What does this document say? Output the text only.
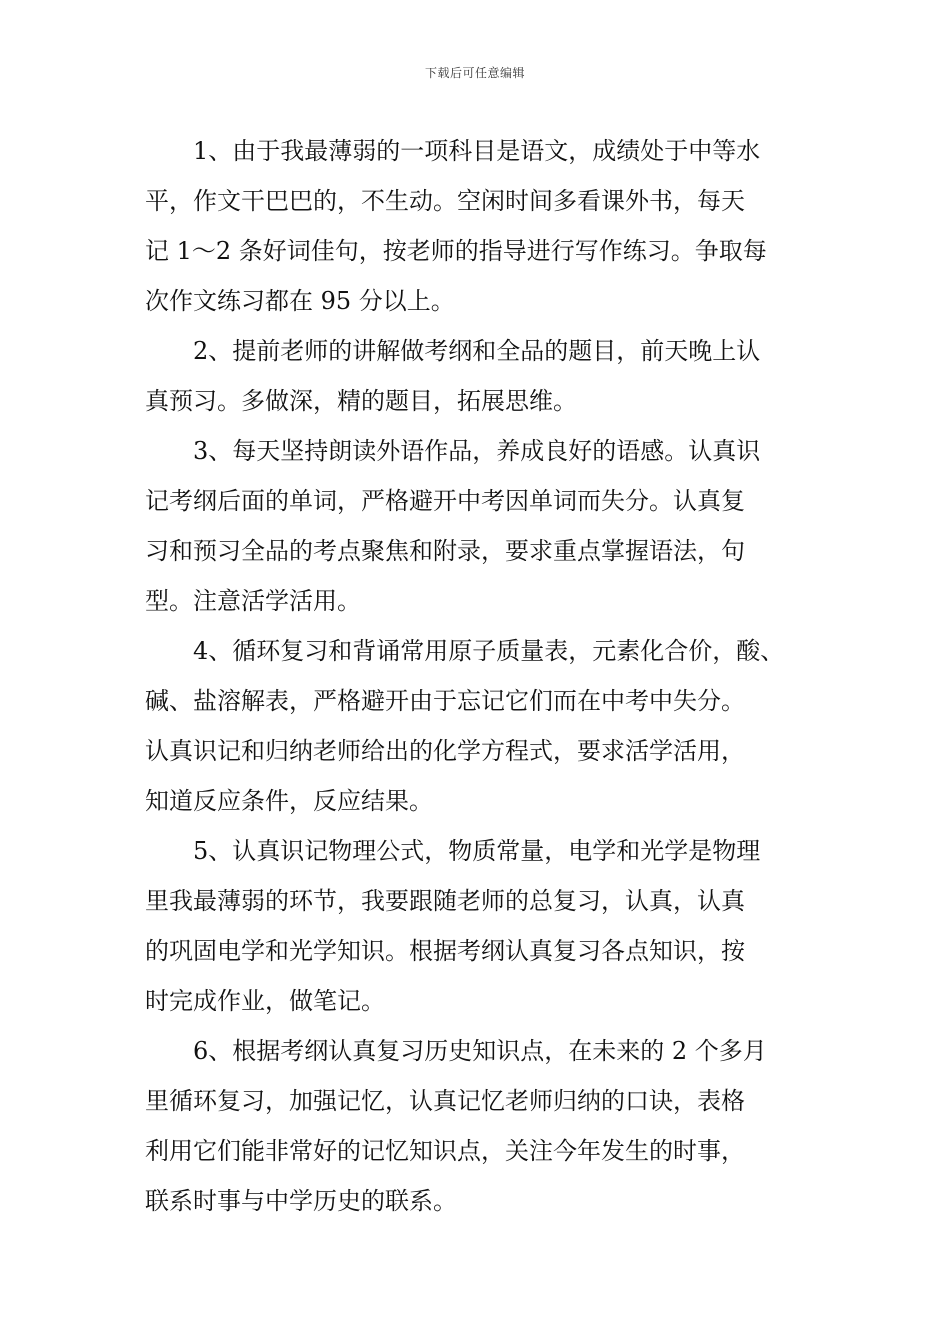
下载后可任意编辑

1、由于我最薄弱的一项科目是语文，成绩处于中等水
平，作文干巴巴的，不生动。空闲时间多看课外书，每天
记 1～2 条好词佳句，按老师的指导进行写作练习。争取每
次作文练习都在 95 分以上。

2、提前老师的讲解做考纲和全品的题目，前天晚上认
真预习。多做深，精的题目，拓展思维。

3、每天坚持朗读外语作品，养成良好的语感。认真识
记考纲后面的单词，严格避开中考因单词而失分。认真复
习和预习全品的考点聚焦和附录，要求重点掌握语法，句
型。注意活学活用。

4、循环复习和背诵常用原子质量表，元素化合价，酸、
碱、盐溶解表，严格避开由于忘记它们而在中考中失分。
认真识记和归纳老师给出的化学方程式，要求活学活用，
知道反应条件，反应结果。

5、认真识记物理公式，物质常量，电学和光学是物理
里我最薄弱的环节，我要跟随老师的总复习，认真，认真
的巩固电学和光学知识。根据考纲认真复习各点知识，按
时完成作业，做笔记。

6、根据考纲认真复习历史知识点，在未来的 2 个多月
里循环复习，加强记忆，认真记忆老师归纳的口诀，表格
利用它们能非常好的记忆知识点，关注今年发生的时事，
联系时事与中学历史的联系。
